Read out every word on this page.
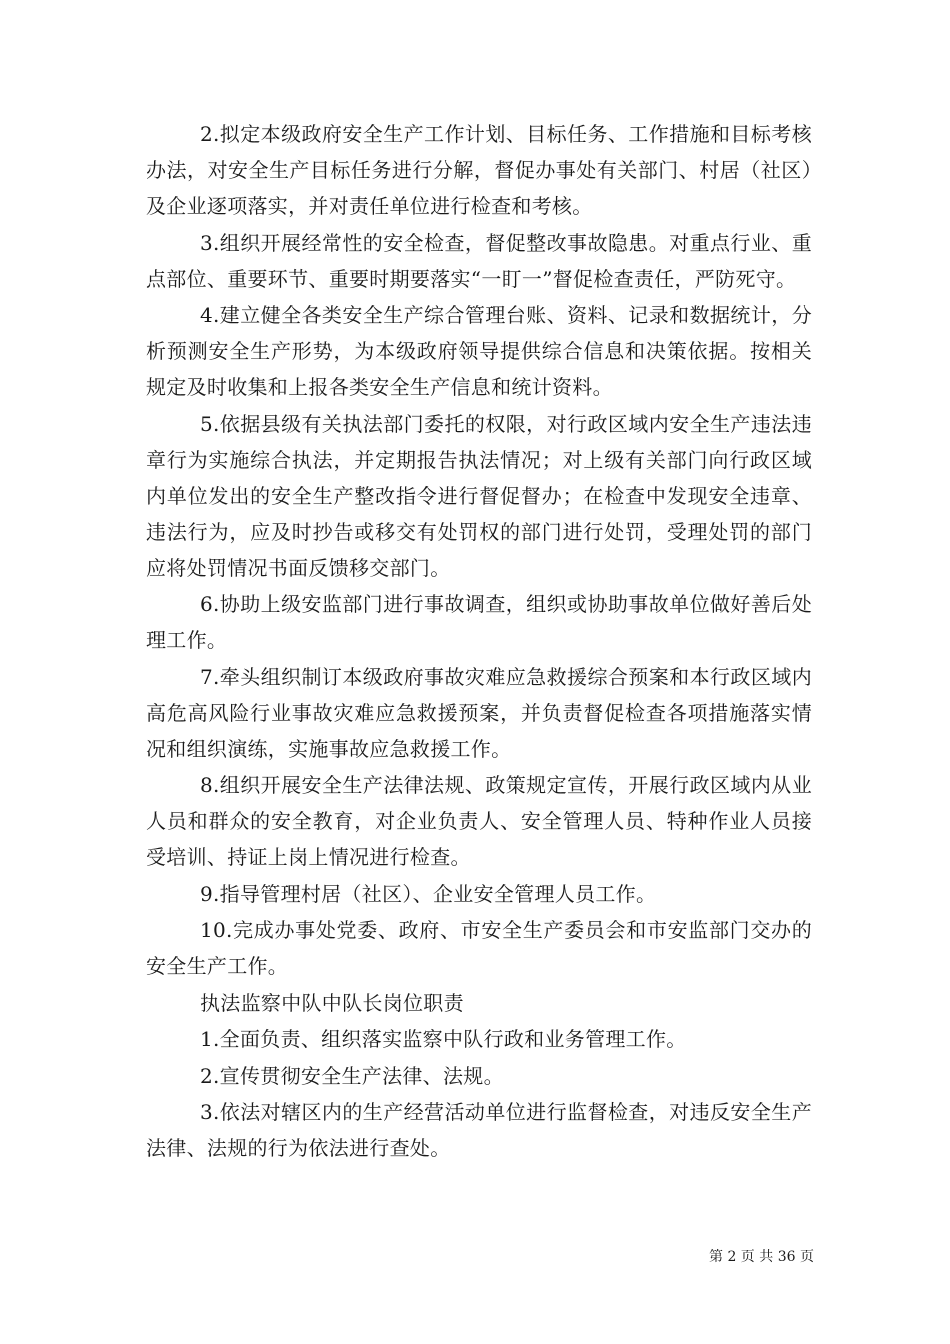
2.拟定本级政府安全生产工作计划、目标任务、工作措施和目标考核办法，对安全生产目标任务进行分解，督促办事处有关部门、村居（社区）及企业逐项落实，并对责任单位进行检查和考核。

3.组织开展经常性的安全检查，督促整改事故隐患。对重点行业、重点部位、重要环节、重要时期要落实“一盯一”督促检查责任，严防死守。

4.建立健全各类安全生产综合管理台账、资料、记录和数据统计，分析预测安全生产形势，为本级政府领导提供综合信息和决策依据。按相关规定及时收集和上报各类安全生产信息和统计资料。

5.依据县级有关执法部门委托的权限，对行政区域内安全生产违法违章行为实施综合执法，并定期报告执法情况；对上级有关部门向行政区域内单位发出的安全生产整改指令进行督促督办；在检查中发现安全违章、违法行为，应及时抄告或移交有处罚权的部门进行处罚，受理处罚的部门应将处罚情况书面反馈移交部门。

6.协助上级安监部门进行事故调查，组织或协助事故单位做好善后处理工作。

7.牵头组织制订本级政府事故灾难应急救援综合预案和本行政区域内高危高风险行业事故灾难应急救援预案，并负责督促检查各项措施落实情况和组织演练，实施事故应急救援工作。

8.组织开展安全生产法律法规、政策规定宣传，开展行政区域内从业人员和群众的安全教育，对企业负责人、安全管理人员、特种作业人员接受培训、持证上岗上情况进行检查。

9.指导管理村居（社区）、企业安全管理人员工作。

10.完成办事处党委、政府、市安全生产委员会和市安监部门交办的安全生产工作。

执法监察中队中队长岗位职责

1.全面负责、组织落实监察中队行政和业务管理工作。

2.宣传贯彻安全生产法律、法规。

3.依法对辖区内的生产经营活动单位进行监督检查，对违反安全生产法律、法规的行为依法进行查处。

第 2 页 共 36 页
